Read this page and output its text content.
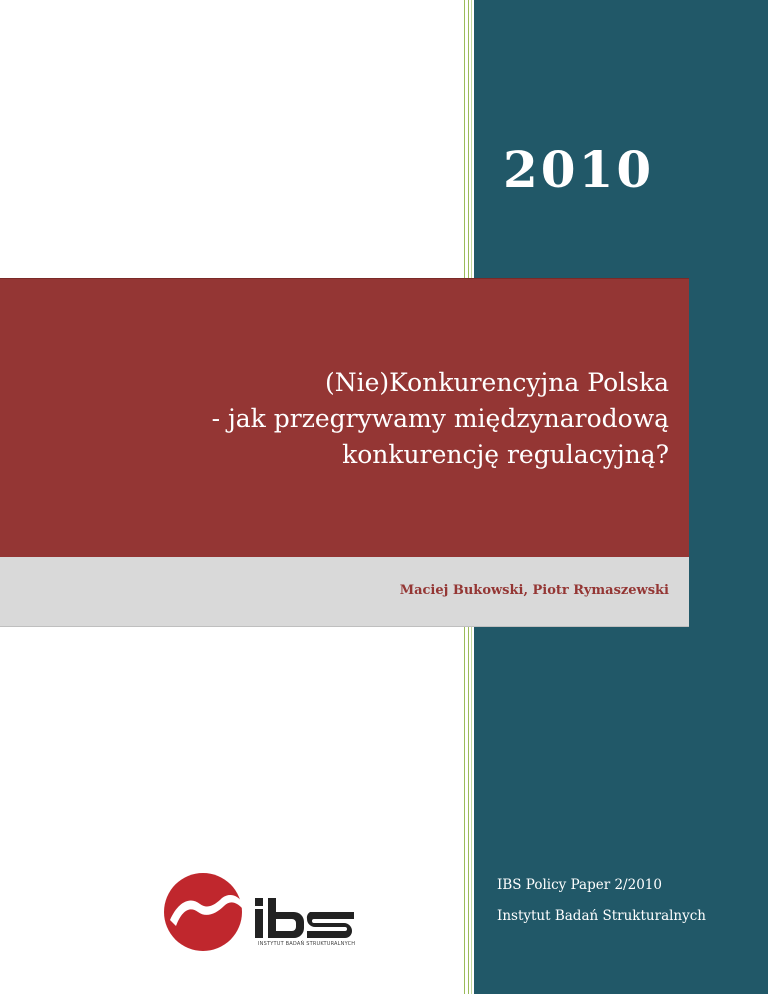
2010
(Nie)Konkurencyjna Polska
- jak przegrywamy międzynarodową
konkurencję regulacyjną?
Maciej Bukowski, Piotr Rymaszewski
IBS Policy Paper 2/2010
Instytut Badań Strukturalnych
INSTYTUT BADAŃ STRUKTURALNYCH
